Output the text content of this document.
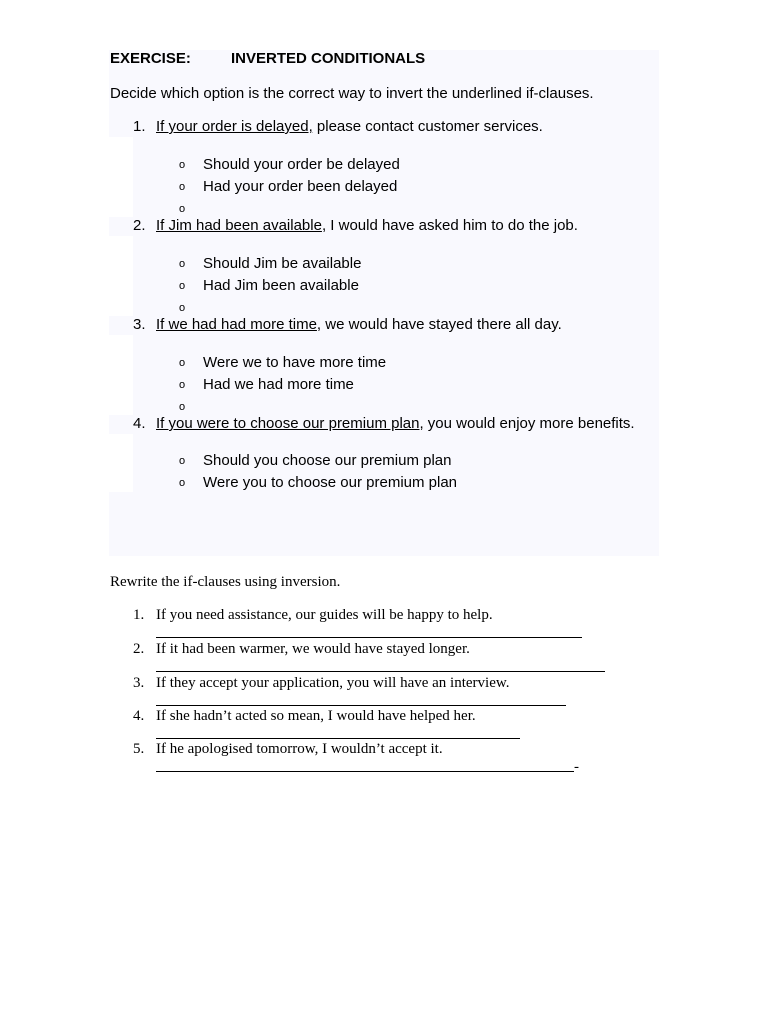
EXERCISE:	INVERTED CONDITIONALS
Decide which option is the correct way to invert the underlined if-clauses.
1. If your order is delayed, please contact customer services.
o Should your order be delayed
o Had your order been delayed
o
2. If Jim had been available, I would have asked him to do the job.
o Should Jim be available
o Had Jim been available
o
3. If we had had more time, we would have stayed there all day.
o Were we to have more time
o Had we had more time
o
4. If you were to choose our premium plan, you would enjoy more benefits.
o Should you choose our premium plan
o Were you to choose our premium plan
Rewrite the if-clauses using inversion.
1. If you need assistance, our guides will be happy to help.
2. If it had been warmer, we would have stayed longer.
3. If they accept your application, you will have an interview.
4. If she hadn’t acted so mean, I would have helped her.
5. If he apologised tomorrow, I wouldn’t accept it.
-
